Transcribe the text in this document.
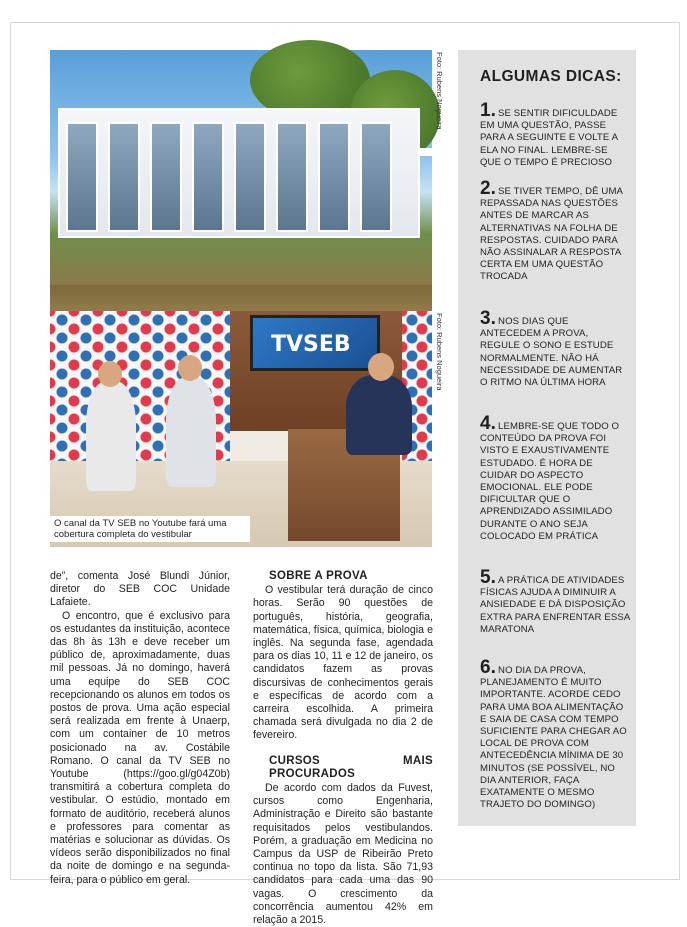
Foto: Rubens Nogueira
TVSEB	Foto: Rubens Nogueira
O canal da TV SEB no Youtube fará uma cobertura completa do vestibular

de”, comenta José Blundi Júnior, diretor do SEB COC Unidade Lafaiete.

O encontro, que é exclusivo para os estudantes da instituição, acontece das 8h às 13h e deve receber um público de, aproximadamente, duas mil pessoas. Já no domingo, haverá uma equipe do SEB COC recepcionando os alunos em todos os postos de prova. Uma ação especial será realizada em frente à Unaerp, com um container de 10 metros posicionado na av. Costábile Romano. O canal da TV SEB no Youtube (https://goo.gl/g04Z0b) transmitirá a cobertura completa do vestibular. O estúdio, montado em formato de auditório, receberá alunos e professores para comentar as matérias e solucionar as dúvidas. Os vídeos serão disponibilizados no final da noite de domingo e na segunda-feira, para o público em geral.

SOBRE A PROVA

O vestibular terá duração de cinco horas. Serão 90 questões de português, história, geografia, matemática, física, química, biologia e inglês. Na segunda fase, agendada para os dias 10, 11 e 12 de janeiro, os candidatos fazem as provas discursivas de conhecimentos gerais e específicas de acordo com a carreira escolhida. A primeira chamada será divulgada no dia 2 de fevereiro.

CURSOS MAIS PROCURADOS

De acordo com dados da Fuvest, cursos como Engenharia, Administração e Direito são bastante requisitados pelos vestibulandos. Porém, a graduação em Medicina no Campus da USP de Ribeirão Preto continua no topo da lista. São 71,93 candidatos para cada uma das 90 vagas. O crescimento da concorrência aumentou 42% em relação a 2015.

ALGUMAS DICAS:
1. SE SENTIR DIFICULDADE EM UMA QUESTÃO, PASSE PARA A SEGUINTE E VOLTE A ELA NO FINAL. LEMBRE-SE QUE O TEMPO É PRECIOSO
2. SE TIVER TEMPO, DÊ UMA REPASSADA NAS QUESTÕES ANTES DE MARCAR AS ALTERNATIVAS NA FOLHA DE RESPOSTAS. CUIDADO PARA NÃO ASSINALAR A RESPOSTA CERTA EM UMA QUESTÃO TROCADA
3. NOS DIAS QUE ANTECEDEM A PROVA, REGULE O SONO E ESTUDE NORMALMENTE. NÃO HÁ NECESSIDADE DE AUMENTAR O RITMO NA ÚLTIMA HORA
4. LEMBRE-SE QUE TODO O CONTEÚDO DA PROVA FOI VISTO E EXAUSTIVAMENTE ESTUDADO. É HORA DE CUIDAR DO ASPECTO EMOCIONAL. ELE PODE DIFICULTAR QUE O APRENDIZADO ASSIMILADO DURANTE O ANO SEJA COLOCADO EM PRÁTICA
5. A PRÁTICA DE ATIVIDADES FÍSICAS AJUDA A DIMINUIR A ANSIEDADE E DÁ DISPOSIÇÃO EXTRA PARA ENFRENTAR ESSA MARATONA
6. NO DIA DA PROVA, PLANEJAMENTO É MUITO IMPORTANTE. ACORDE CEDO PARA UMA BOA ALIMENTAÇÃO E SAIA DE CASA COM TEMPO SUFICIENTE PARA CHEGAR AO LOCAL DE PROVA COM ANTECEDÊNCIA MÍNIMA DE 30 MINUTOS (SE POSSÍVEL, NO DIA ANTERIOR, FAÇA EXATAMENTE O MESMO TRAJETO DO DOMINGO)
